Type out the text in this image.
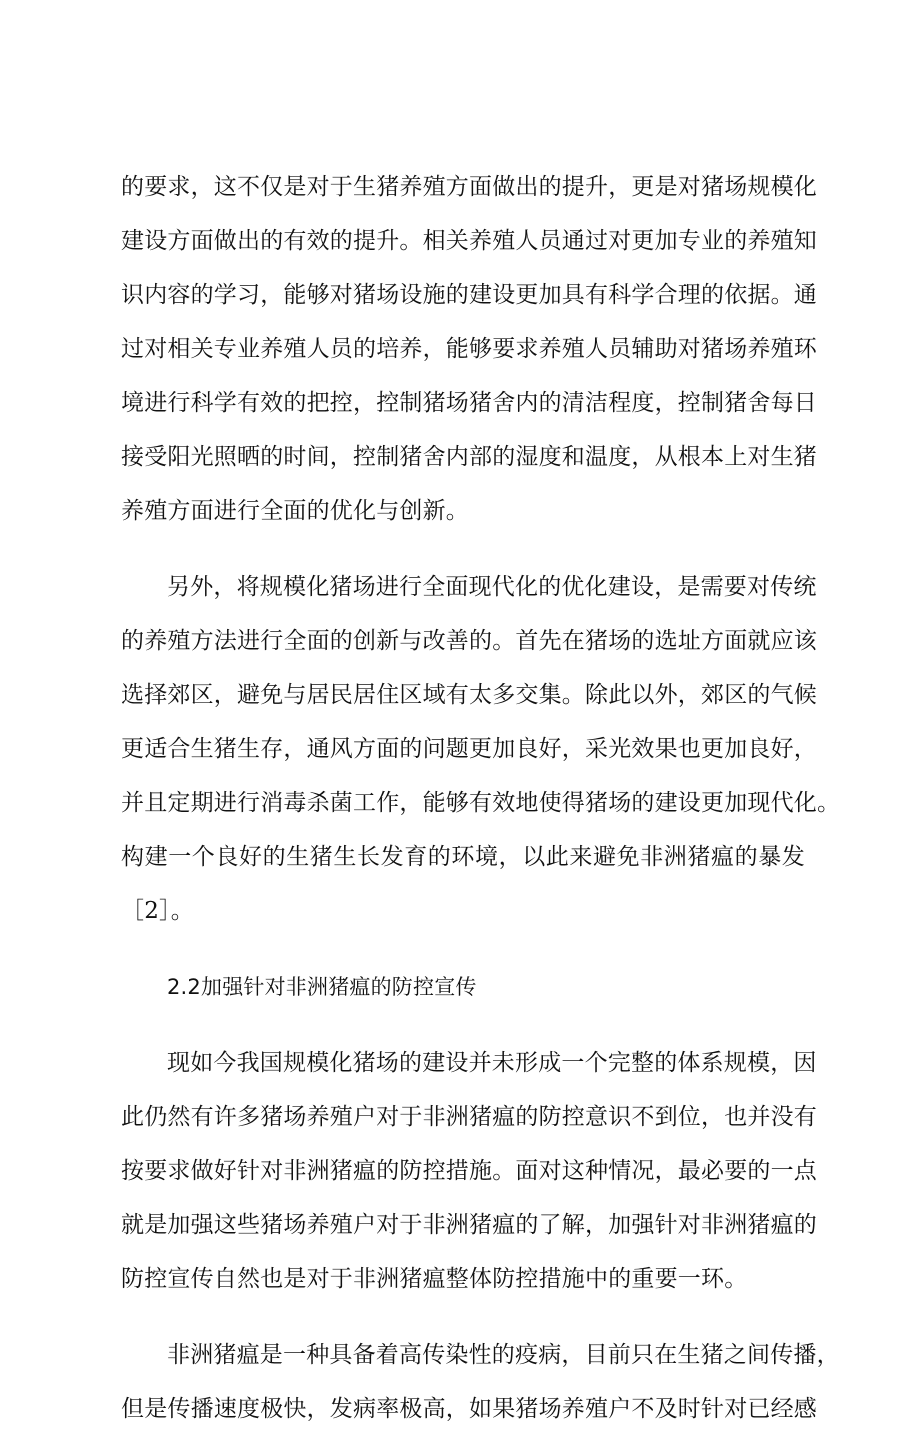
的要求，这不仅是对于生猪养殖方面做出的提升，更是对猪场规模化
建设方面做出的有效的提升。相关养殖人员通过对更加专业的养殖知
识内容的学习，能够对猪场设施的建设更加具有科学合理的依据。通
过对相关专业养殖人员的培养，能够要求养殖人员辅助对猪场养殖环
境进行科学有效的把控，控制猪场猪舍内的清洁程度，控制猪舍每日
接受阳光照晒的时间，控制猪舍内部的湿度和温度，从根本上对生猪
养殖方面进行全面的优化与创新。
另外，将规模化猪场进行全面现代化的优化建设，是需要对传统
的养殖方法进行全面的创新与改善的。首先在猪场的选址方面就应该
选择郊区，避免与居民居住区域有太多交集。除此以外，郊区的气候
更适合生猪生存，通风方面的问题更加良好，采光效果也更加良好，
并且定期进行消毒杀菌工作，能够有效地使得猪场的建设更加现代化。
构建一个良好的生猪生长发育的环境，以此来避免非洲猪瘟的暴发
［2］。
2.2加强针对非洲猪瘟的防控宣传
现如今我国规模化猪场的建设并未形成一个完整的体系规模，因
此仍然有许多猪场养殖户对于非洲猪瘟的防控意识不到位，也并没有
按要求做好针对非洲猪瘟的防控措施。面对这种情况，最必要的一点
就是加强这些猪场养殖户对于非洲猪瘟的了解，加强针对非洲猪瘟的
防控宣传自然也是对于非洲猪瘟整体防控措施中的重要一环。
非洲猪瘟是一种具备着高传染性的疫病，目前只在生猪之间传播，
但是传播速度极快，发病率极高，如果猪场养殖户不及时针对已经感
